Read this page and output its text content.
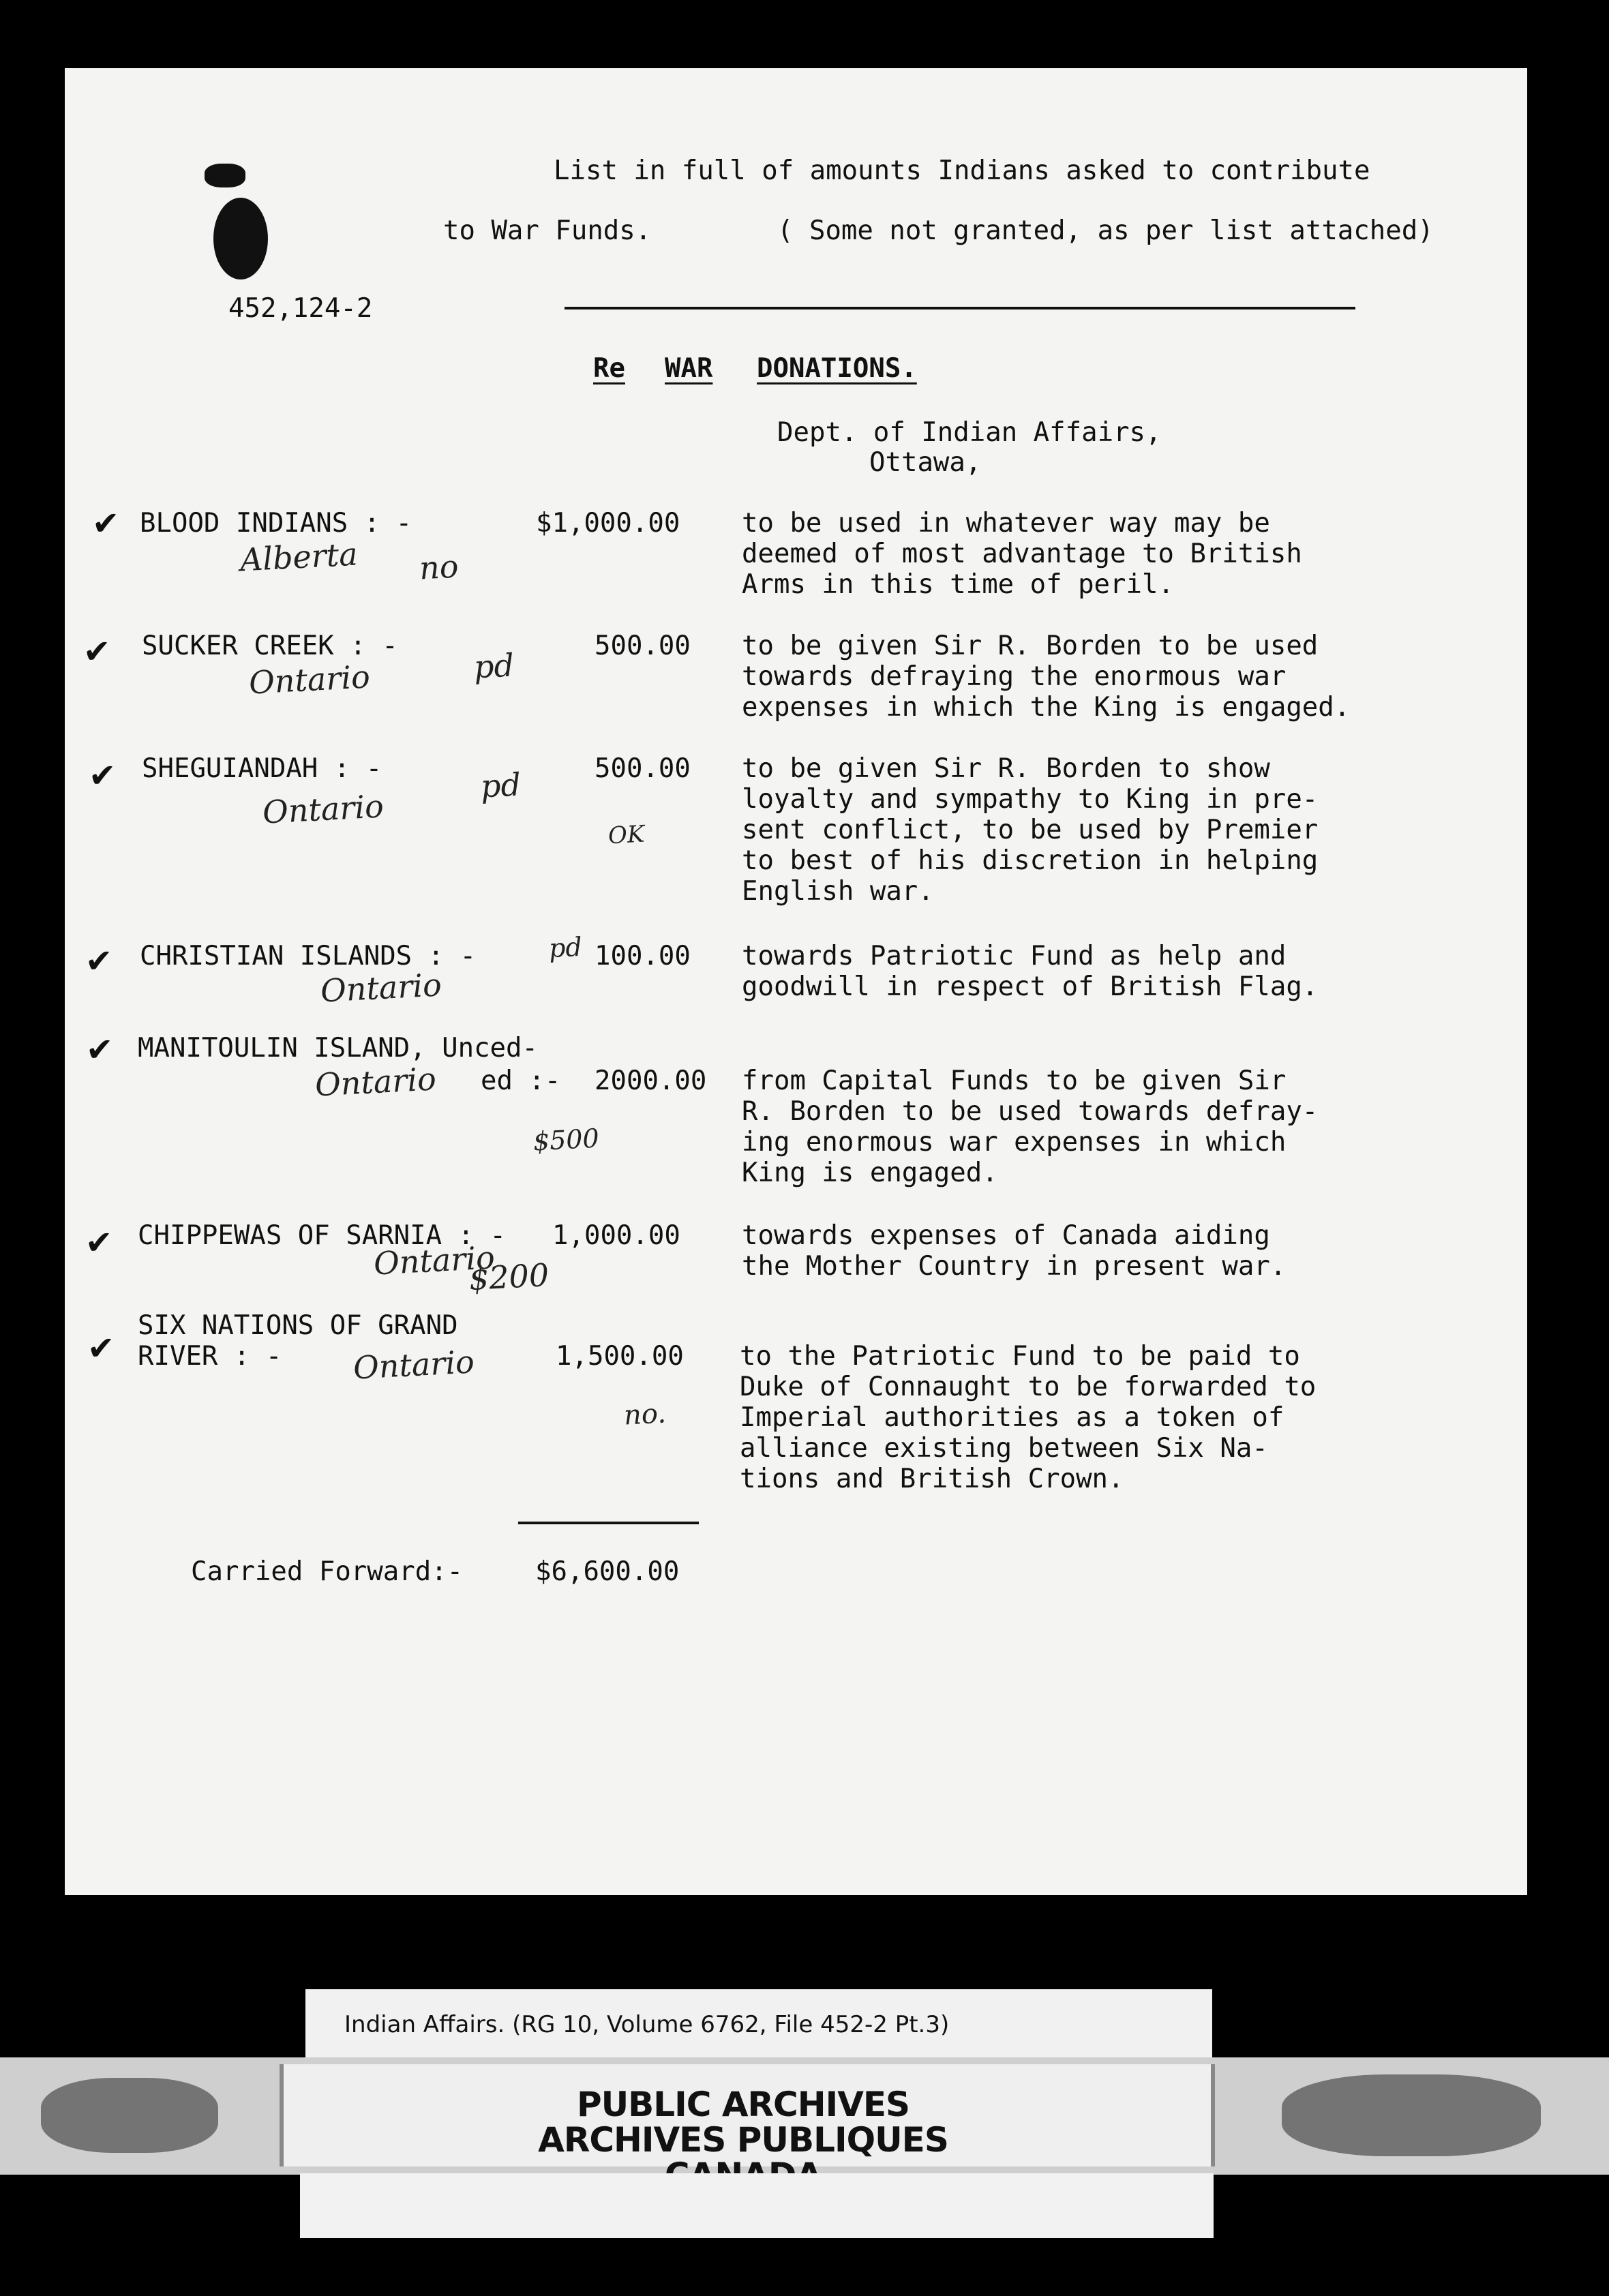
List in full of amounts Indians asked to contribute
to War Funds.	( Some not granted, as per list attached)
452,124-2
Re WAR DONATIONS.
Dept. of Indian Affairs,
Ottawa,
✔ BLOOD INDIANS : -	$1,000.00 to be used in whatever way may be
deemed of most advantage to British
Arms in this time of peril.
Alberta no
✔ SUCKER CREEK : -	500.00 to be given Sir R. Borden to be used
towards defraying the enormous war
expenses in which the King is engaged.
Ontario	pd
✔ SHEGUIANDAH : -	500.00 to be given Sir R. Borden to show
loyalty and sympathy to King in pre-
sent conflict, to be used by Premier
to best of his discretion in helping
English war.
Ontario
pd
OK
✔ CHRISTIAN ISLANDS : -	100.00 towards Patriotic Fund as help and
goodwill in respect of British Flag.
Ontario
pd
✔ MANITOULIN ISLAND, Unced-
ed :- 2000.00 from Capital Funds to be given Sir
R. Borden to be used towards defray-
ing enormous war expenses in which
King is engaged.
Ontario
$500
✔ CHIPPEWAS OF SARNIA : - 1,000.00 towards expenses of Canada aiding
the Mother Country in present war.
Ontario
$200
✔
SIX NATIONS OF GRAND
RIVER : -	1,500.00 to the Patriotic Fund to be paid to
Duke of Connaught to be forwarded to
Imperial authorities as a token of
alliance existing between Six Na-
tions and British Crown.
Ontario
no.
Carried Forward:-	$6,600.00
Indian Affairs. (RG 10, Volume 6762, File 452-2 Pt.3)
PUBLIC ARCHIVES
ARCHIVES PUBLIQUES
